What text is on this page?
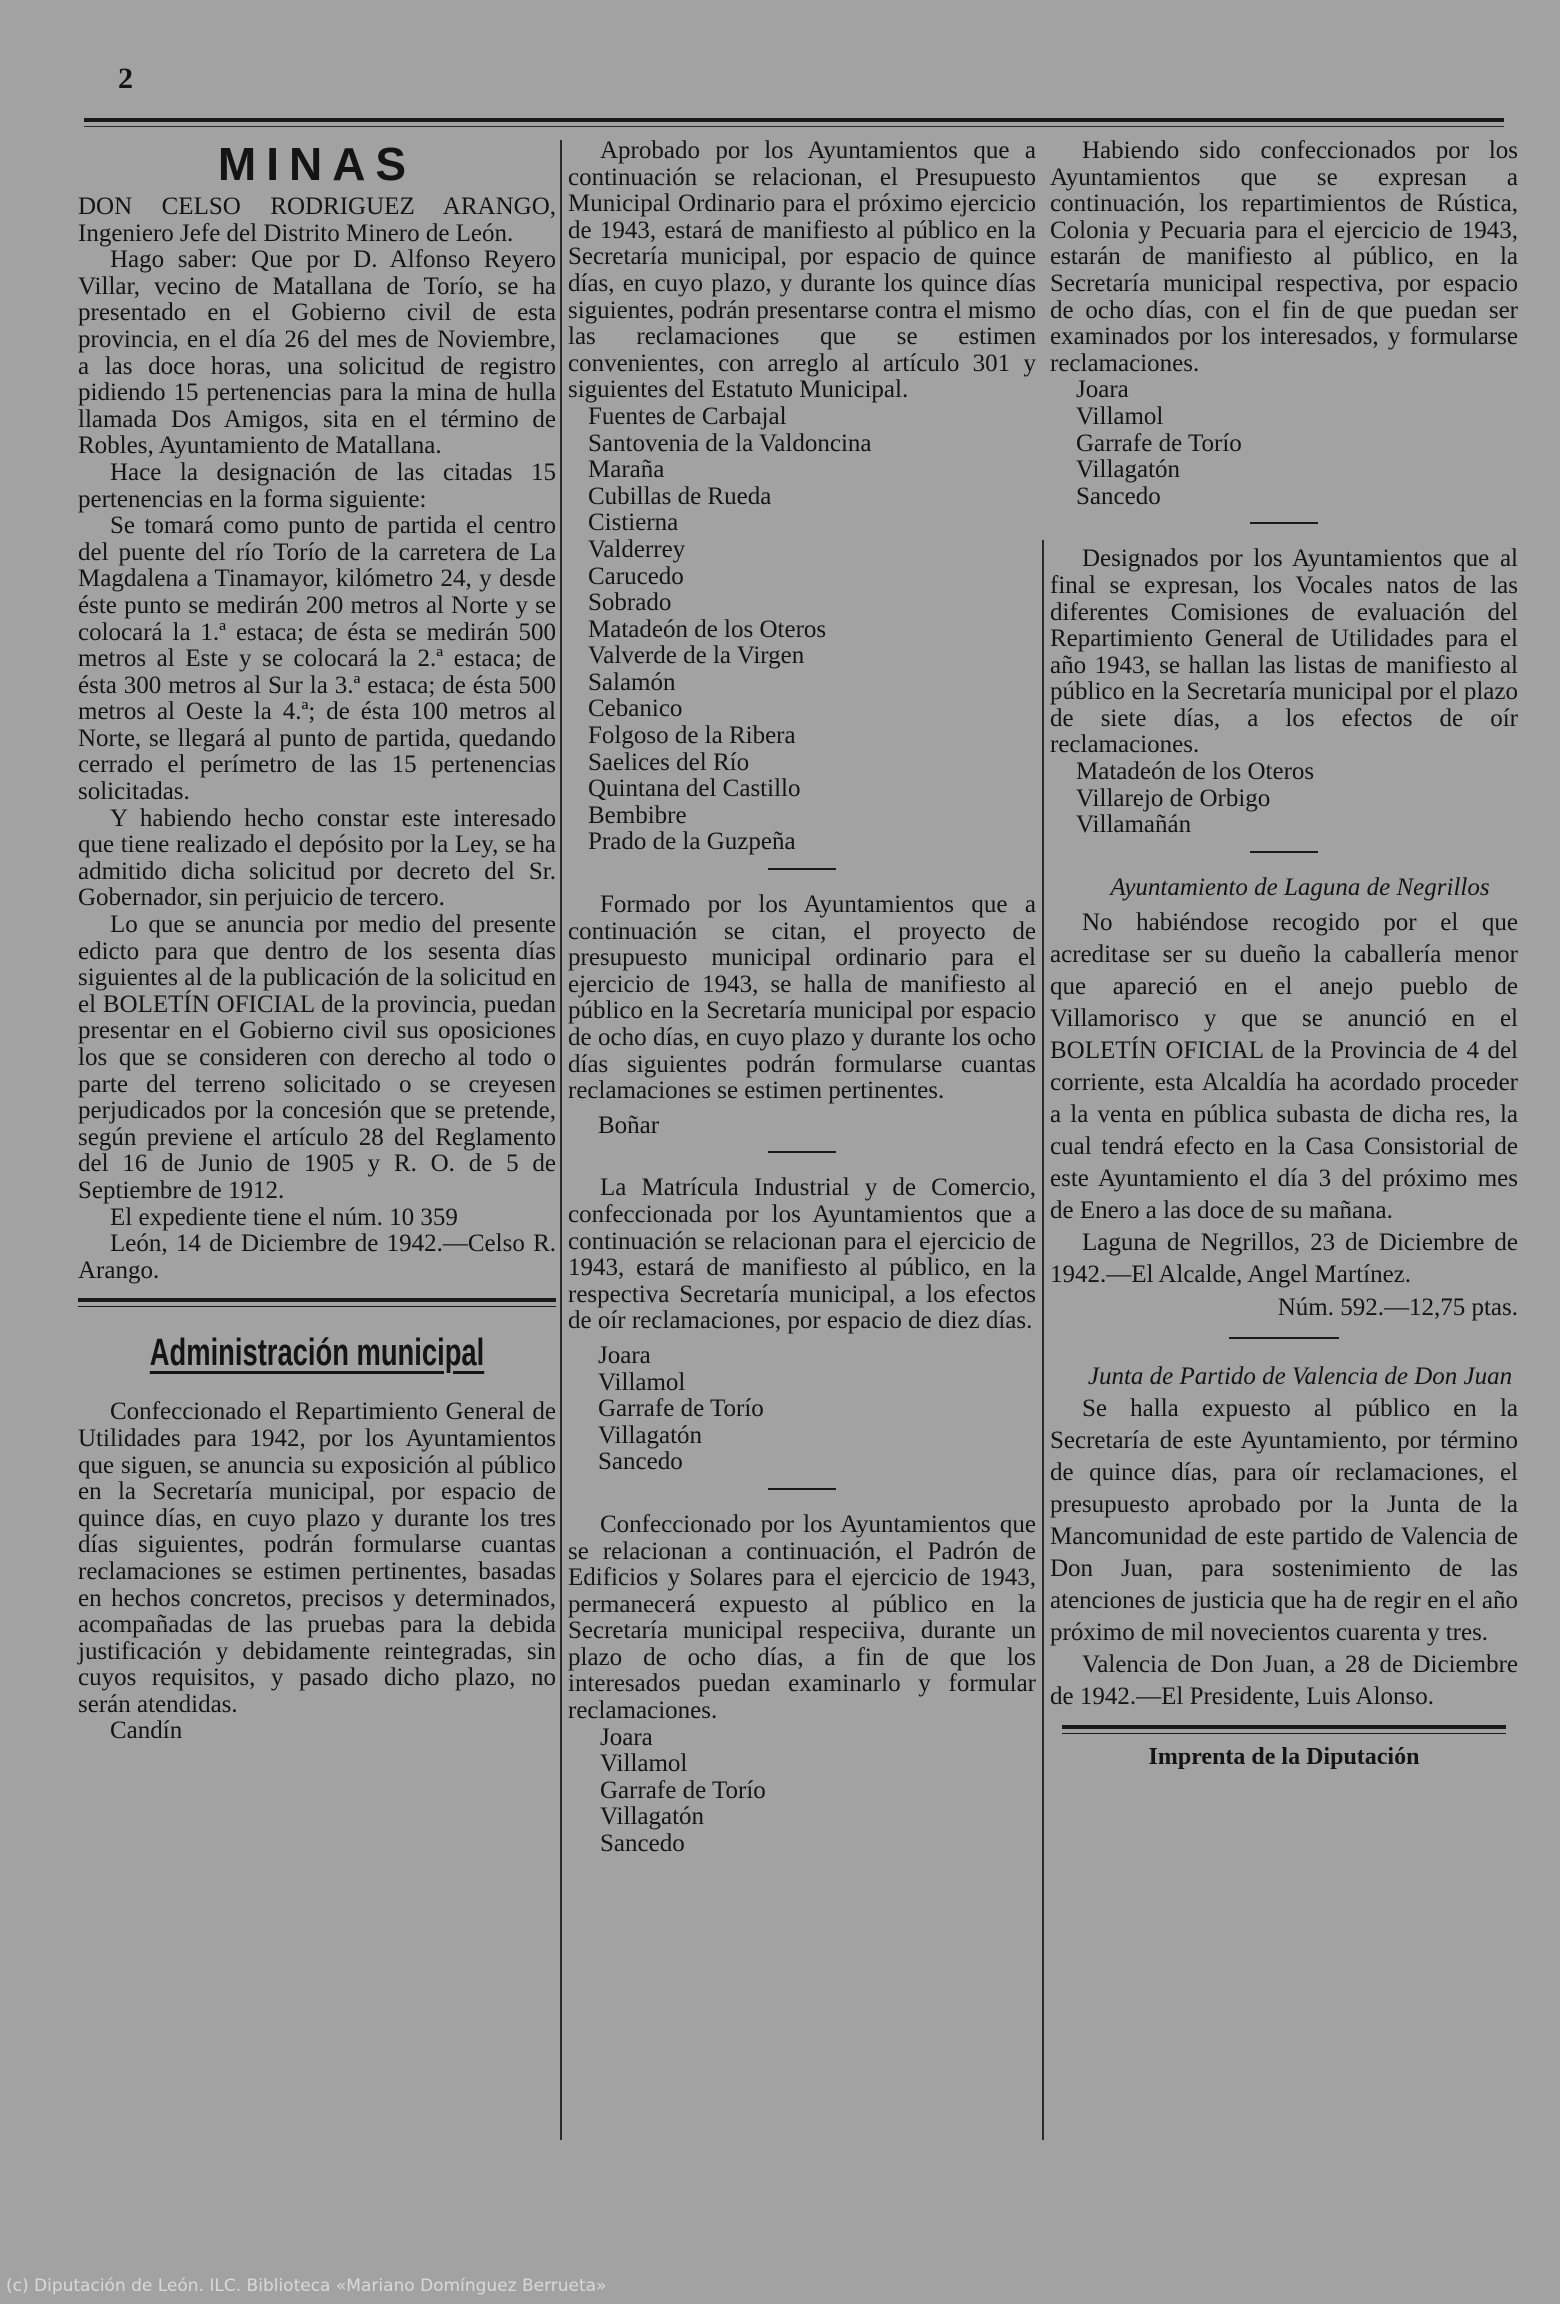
2
MINAS

DON CELSO RODRIGUEZ ARANGO, Ingeniero Jefe del Distrito Minero de León.

Hago saber: Que por D. Alfonso Reyero Villar, vecino de Matallana de Torío, se ha presentado en el Gobierno civil de esta provincia, en el día 26 del mes de Noviembre, a las doce horas, una solicitud de registro pidiendo 15 pertenencias para la mina de hulla llamada Dos Amigos, sita en el término de Robles, Ayuntamiento de Matallana.

Hace la designación de las citadas 15 pertenencias en la forma siguiente:

Se tomará como punto de partida el centro del puente del río Torío de la carretera de La Magdalena a Tinamayor, kilómetro 24, y desde éste punto se medirán 200 metros al Norte y se colocará la 1.ª estaca; de ésta se medirán 500 metros al Este y se colocará la 2.ª estaca; de ésta 300 metros al Sur la 3.ª estaca; de ésta 500 metros al Oeste la 4.ª; de ésta 100 metros al Norte, se llegará al punto de partida, quedando cerrado el perímetro de las 15 pertenencias solicitadas.

Y habiendo hecho constar este interesado que tiene realizado el depósito por la Ley, se ha admitido dicha solicitud por decreto del Sr. Gobernador, sin perjuicio de tercero.

Lo que se anuncia por medio del presente edicto para que dentro de los sesenta días siguientes al de la publicación de la solicitud en el BOLETÍN OFICIAL de la provincia, puedan presentar en el Gobierno civil sus oposiciones los que se consideren con derecho al todo o parte del terreno solicitado o se creyesen perjudicados por la concesión que se pretende, según previene el artículo 28 del Reglamento del 16 de Junio de 1905 y R. O. de 5 de Septiembre de 1912.

El expediente tiene el núm. 10 359

León, 14 de Diciembre de 1942.—Celso R. Arango.

Administración municipal

Confeccionado el Repartimiento General de Utilidades para 1942, por los Ayuntamientos que siguen, se anuncia su exposición al público en la Secretaría municipal, por espacio de quince días, en cuyo plazo y durante los tres días siguientes, podrán formularse cuantas reclamaciones se estimen pertinentes, basadas en hechos concretos, precisos y determinados, acompañadas de las pruebas para la debida justificación y debidamente reintegradas, sin cuyos requisitos, y pasado dicho plazo, no serán atendidas.

Candín

Aprobado por los Ayuntamientos que a continuación se relacionan, el Presupuesto Municipal Ordinario para el próximo ejercicio de 1943, estará de manifiesto al público en la Secretaría municipal, por espacio de quince días, en cuyo plazo, y durante los quince días siguientes, podrán presentarse contra el mismo las reclamaciones que se estimen convenientes, con arreglo al artículo 301 y siguientes del Estatuto Municipal.

Fuentes de Carbajal
Santovenia de la Valdoncina
Maraña
Cubillas de Rueda
Cistierna
Valderrey
Carucedo
Sobrado
Matadeón de los Oteros
Valverde de la Virgen
Salamón
Cebanico
Folgoso de la Ribera
Saelices del Río
Quintana del Castillo
Bembibre
Prado de la Guzpeña

Formado por los Ayuntamientos que a continuación se citan, el proyecto de presupuesto municipal ordinario para el ejercicio de 1943, se halla de manifiesto al público en la Secretaría municipal por espacio de ocho días, en cuyo plazo y durante los ocho días siguientes podrán formularse cuantas reclamaciones se estimen pertinentes.

Boñar

La Matrícula Industrial y de Comercio, confeccionada por los Ayuntamientos que a continuación se relacionan para el ejercicio de 1943, estará de manifiesto al público, en la respectiva Secretaría municipal, a los efectos de oír reclamaciones, por espacio de diez días.

Joara
Villamol
Garrafe de Torío
Villagatón
Sancedo

Confeccionado por los Ayuntamientos que se relacionan a continuación, el Padrón de Edificios y Solares para el ejercicio de 1943, permanecerá expuesto al público en la Secretaría municipal respeciiva, durante un plazo de ocho días, a fin de que los interesados puedan examinarlo y formular reclamaciones.

Joara
Villamol
Garrafe de Torío
Villagatón
Sancedo

Habiendo sido confeccionados por los Ayuntamientos que se expresan a continuación, los repartimientos de Rústica, Colonia y Pecuaria para el ejercicio de 1943, estarán de manifiesto al público, en la Secretaría municipal respectiva, por espacio de ocho días, con el fin de que puedan ser examinados por los interesados, y formularse reclamaciones.

Joara
Villamol
Garrafe de Torío
Villagatón
Sancedo

Designados por los Ayuntamientos que al final se expresan, los Vocales natos de las diferentes Comisiones de evaluación del Repartimiento General de Utilidades para el año 1943, se hallan las listas de manifiesto al público en la Secretaría municipal por el plazo de siete días, a los efectos de oír reclamaciones.

Matadeón de los Oteros
Villarejo de Orbigo
Villamañán

Ayuntamiento de Laguna de Negrillos

No habiéndose recogido por el que acreditase ser su dueño la caballería menor que apareció en el anejo pueblo de Villamorisco y que se anunció en el BOLETÍN OFICIAL de la Provincia de 4 del corriente, esta Alcaldía ha acordado proceder a la venta en pública subasta de dicha res, la cual tendrá efecto en la Casa Consistorial de este Ayuntamiento el día 3 del próximo mes de Enero a las doce de su mañana.

Laguna de Negrillos, 23 de Diciembre de 1942.—El Alcalde, Angel Martínez.

Núm. 592.—12,75 ptas.

Junta de Partido de Valencia de Don Juan

Se halla expuesto al público en la Secretaría de este Ayuntamiento, por término de quince días, para oír reclamaciones, el presupuesto aprobado por la Junta de la Mancomunidad de este partido de Valencia de Don Juan, para sostenimiento de las atenciones de justicia que ha de regir en el año próximo de mil novecientos cuarenta y tres.

Valencia de Don Juan, a 28 de Diciembre de 1942.—El Presidente, Luis Alonso.

Imprenta de la Diputación
(c) Diputación de León. ILC. Biblioteca «Mariano Domínguez Berrueta»
